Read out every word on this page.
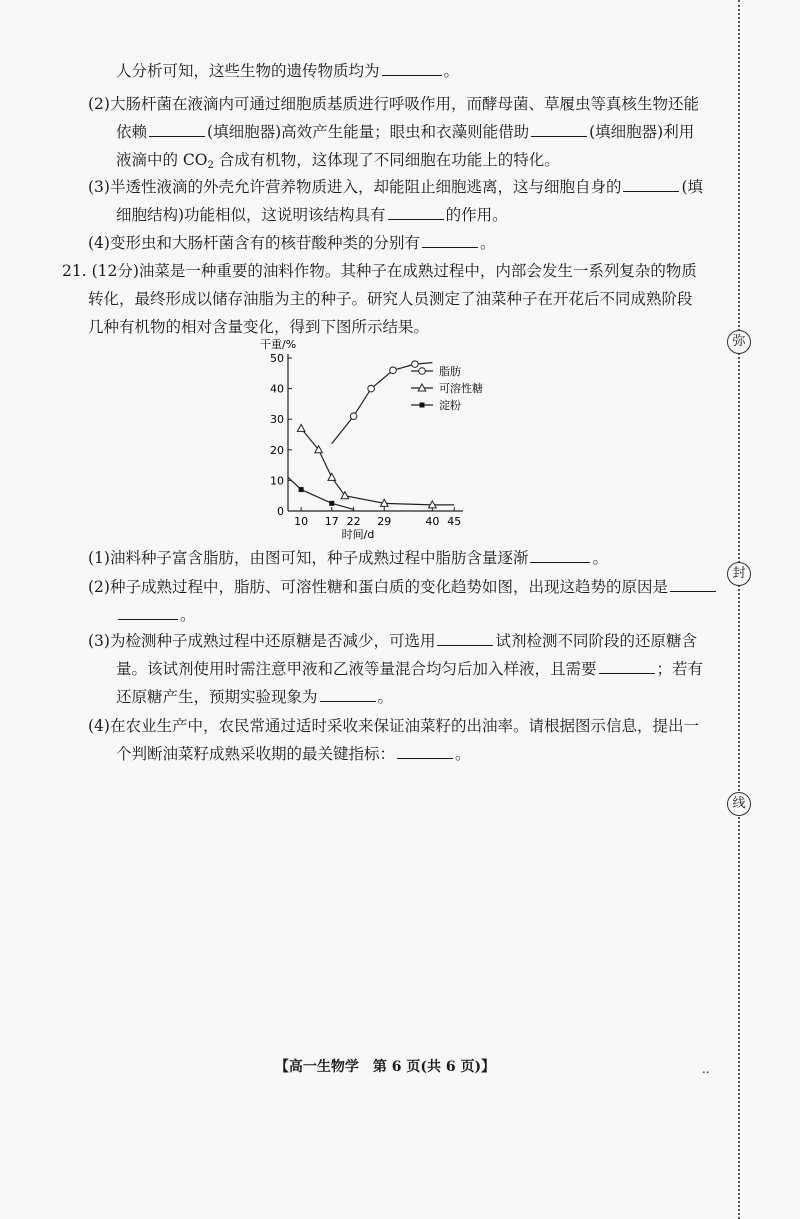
弥
封
线
人分析可知，这些生物的遗传物质均为	。
(2)大肠杆菌在液滴内可通过细胞质基质进行呼吸作用，而酵母菌、草履虫等真核生物还能
依赖	(填细胞器)高效产生能量；眼虫和衣藻则能借助	(填细胞器)利用
液滴中的 $CO_2$ 合成有机物，这体现了不同细胞在功能上的特化。
(3)半透性液滴的外壳允许营养物质进入，却能阻止细胞逃离，这与细胞自身的	(填
细胞结构)功能相似，这说明该结构具有	的作用。
(4)变形虫和大肠杆菌含有的核苷酸种类的分别有	。
21. (12分)油菜是一种重要的油料作物。其种子在成熟过程中，内部会发生一系列复杂的物质
转化，最终形成以储存油脂为主的种子。研究人员测定了油菜种子在开花后不同成熟阶段
几种有机物的相对含量变化，得到下图所示结果。
0
10
20
30
40
50
10 17 22 29	40 45
干重/%
时间/d
脂肪
可溶性糖
淀粉
(1)油料种子富含脂肪，由图可知，种子成熟过程中脂肪含量逐渐	。
(2)种子成熟过程中，脂肪、可溶性糖和蛋白质的变化趋势如图，出现这趋势的原因是
。
(3)为检测种子成熟过程中还原糖是否减少，可选用	试剂检测不同阶段的还原糖含
量。该试剂使用时需注意甲液和乙液等量混合均匀后加入样液，且需要	；若有
还原糖产生，预期实验现象为	。
(4)在农业生产中，农民常通过适时采收来保证油菜籽的出油率。请根据图示信息，提出一
个判断油菜籽成熟采收期的最关键指标：	。
【高一生物学　第 6 页(共 6 页)】	..
